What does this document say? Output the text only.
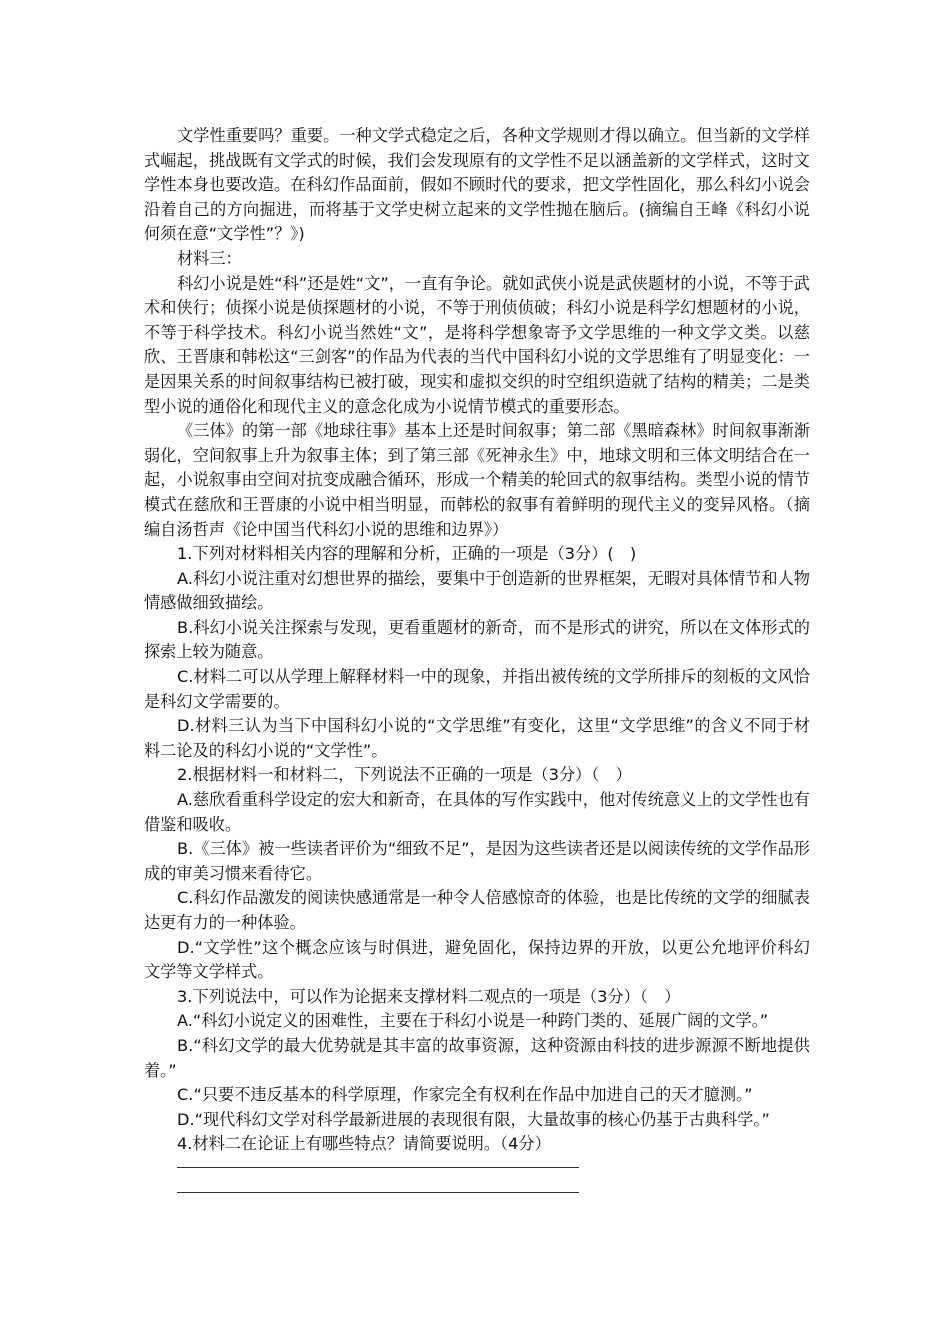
文学性重要吗？重要。一种文学式稳定之后，各种文学规则才得以确立。但当新的文学样式崛起，挑战既有文学式的时候，我们会发现原有的文学性不足以涵盖新的文学样式，这时文学性本身也要改造。在科幻作品面前，假如不顾时代的要求，把文学性固化，那么科幻小说会沿着自己的方向掘进，而将基于文学史树立起来的文学性抛在脑后。(摘编自王峰《科幻小说何须在意“文学性”？》)

材料三：

科幻小说是姓“科”还是姓“文”，一直有争论。就如武侠小说是武侠题材的小说，不等于武术和侠行；侦探小说是侦探题材的小说，不等于刑侦侦破；科幻小说是科学幻想题材的小说，不等于科学技术。科幻小说当然姓“文”，是将科学想象寄予文学思维的一种文学文类。以慈欣、王晋康和韩松这“三剑客”的作品为代表的当代中国科幻小说的文学思维有了明显变化：一是因果关系的时间叙事结构已被打破，现实和虚拟交织的时空组织造就了结构的精美；二是类型小说的通俗化和现代主义的意念化成为小说情节模式的重要形态。

《三体》的第一部《地球往事》基本上还是时间叙事；第二部《黑暗森林》时间叙事渐渐弱化，空间叙事上升为叙事主体；到了第三部《死神永生》中，地球文明和三体文明结合在一起，小说叙事由空间对抗变成融合循环，形成一个精美的轮回式的叙事结构。类型小说的情节模式在慈欣和王晋康的小说中相当明显，而韩松的叙事有着鲜明的现代主义的变异风格。（摘编自汤哲声《论中国当代科幻小说的思维和边界》）

1.下列对材料相关内容的理解和分析，正确的一项是（3分）(　)

A.科幻小说注重对幻想世界的描绘，要集中于创造新的世界框架，无暇对具体情节和人物情感做细致描绘。

B.科幻小说关注探索与发现，更看重题材的新奇，而不是形式的讲究，所以在文体形式的探索上较为随意。

C.材料二可以从学理上解释材料一中的现象，并指出被传统的文学所排斥的刻板的文风恰是科幻文学需要的。

D.材料三认为当下中国科幻小说的“文学思维”有变化，这里“文学思维”的含义不同于材料二论及的科幻小说的“文学性”。

2.根据材料一和材料二，下列说法不正确的一项是（3分）（　）

A.慈欣看重科学设定的宏大和新奇，在具体的写作实践中，他对传统意义上的文学性也有借鉴和吸收。

B.《三体》被一些读者评价为“细致不足”，是因为这些读者还是以阅读传统的文学作品形成的审美习惯来看待它。

C.科幻作品激发的阅读快感通常是一种令人倍感惊奇的体验，也是比传统的文学的细腻表达更有力的一种体验。

D.“文学性”这个概念应该与时俱进，避免固化，保持边界的开放，以更公允地评价科幻文学等文学样式。

3.下列说法中，可以作为论据来支撑材料二观点的一项是（3分）（　）

A.“科幻小说定义的困难性，主要在于科幻小说是一种跨门类的、延展广阔的文学。”

B.“科幻文学的最大优势就是其丰富的故事资源，这种资源由科技的进步源源不断地提供着。”

C.“只要不违反基本的科学原理，作家完全有权利在作品中加进自己的天才臆测。”

D.“现代科幻文学对科学最新进展的表现很有限，大量故事的核心仍基于古典科学。”

4.材料二在论证上有哪些特点？请简要说明。（4分）
